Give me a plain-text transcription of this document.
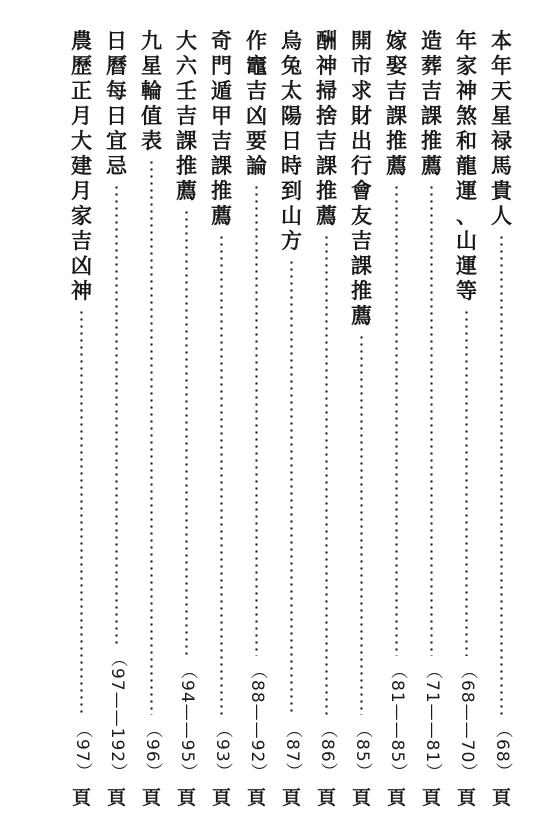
本
年
天
星
禄
馬
貴
人
（68）
頁
年
家
神
煞
和
龍
運
、
山
運
等
（68——70）
頁
造
葬
吉
課
推
薦
（71——81）
頁
嫁
娶
吉
課
推
薦
（81——85）
頁
開
市
求
財
出
行
會
友
吉
課
推
薦
（85）
頁
酬
神
掃
捨
吉
課
推
薦
（86）
頁
烏
兔
太
陽
日
時
到
山
方
（87）
頁
作
竈
吉
凶
要
論
（88——92）
頁
奇
門
遁
甲
吉
課
推
薦
（93）
頁
大
六
壬
吉
課
推
薦
（94——95）
頁
九
星
輪
值
表
（96）
頁
日
曆
每
日
宜
忌
（97——192）
頁
農
歷
正
月
大
建
月
家
吉
凶
神
（97）
頁
